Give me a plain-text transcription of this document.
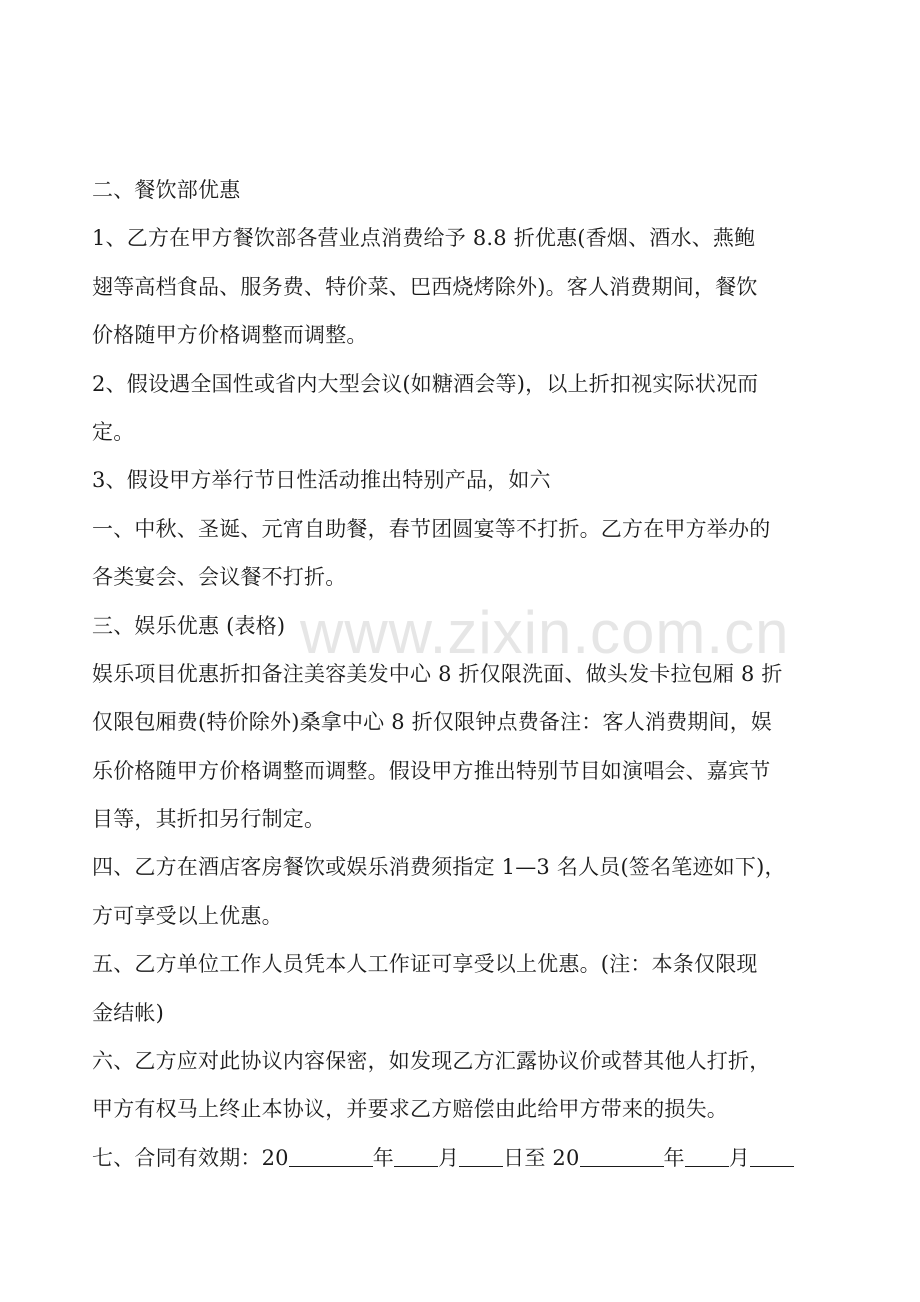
www.zixin.com.cn
二、餐饮部优惠
1、乙方在甲方餐饮部各营业点消费给予 8.8 折优惠(香烟、酒水、燕鲍
翅等高档食品、服务费、特价菜、巴西烧烤除外)。客人消费期间，餐饮
价格随甲方价格调整而调整。
2、假设遇全国性或省内大型会议(如糖酒会等)，以上折扣视实际状况而
定。
3、假设甲方举行节日性活动推出特别产品，如六
一、中秋、圣诞、元宵自助餐，春节团圆宴等不打折。乙方在甲方举办的
各类宴会、会议餐不打折。
三、娱乐优惠 (表格)
娱乐项目优惠折扣备注美容美发中心 8 折仅限洗面、做头发卡拉包厢 8 折
仅限包厢费(特价除外)桑拿中心 8 折仅限钟点费备注：客人消费期间，娱
乐价格随甲方价格调整而调整。假设甲方推出特别节目如演唱会、嘉宾节
目等，其折扣另行制定。
四、乙方在酒店客房餐饮或娱乐消费须指定 1—3 名人员(签名笔迹如下)，
方可享受以上优惠。
五、乙方单位工作人员凭本人工作证可享受以上优惠。(注：本条仅限现
金结帐)
六、乙方应对此协议内容保密，如发现乙方汇露协议价或替其他人打折，
甲方有权马上终止本协议，并要求乙方赔偿由此给甲方带来的损失。
七、合同有效期：20	年 月 日至 20	年 月
